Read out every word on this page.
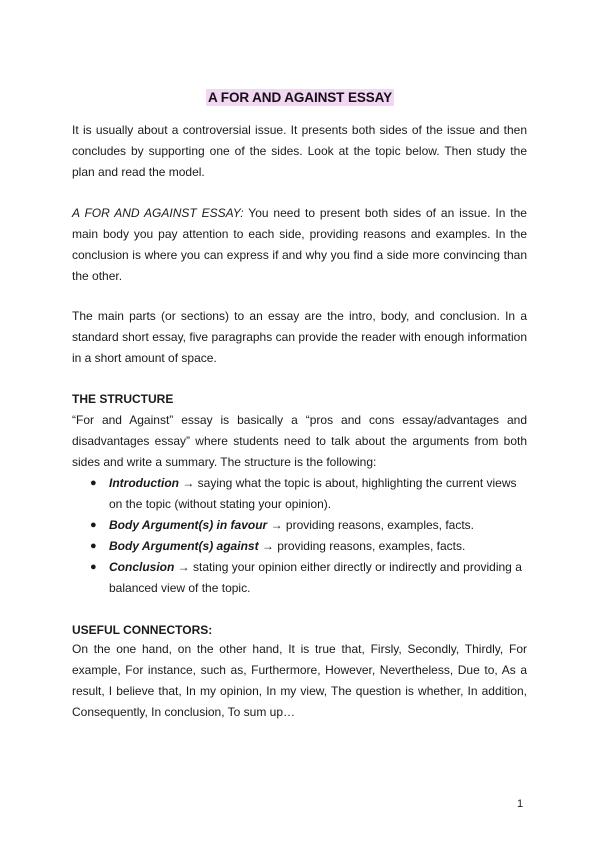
A FOR AND AGAINST ESSAY

It is usually about a controversial issue. It presents both sides of the issue and then concludes by supporting one of the sides. Look at the topic below. Then study the plan and read the model.

A FOR AND AGAINST ESSAY: You need to present both sides of an issue. In the main body you pay attention to each side, providing reasons and examples. In the conclusion is where you can express if and why you find a side more convincing than the other.

The main parts (or sections) to an essay are the intro, body, and conclusion. In a standard short essay, five paragraphs can provide the reader with enough information in a short amount of space.

THE STRUCTURE

“For and Against” essay is basically a “pros and cons essay/advantages and disadvantages essay” where students need to talk about the arguments from both sides and write a summary. The structure is the following:

● Introduction → saying what the topic is about, highlighting the current views on the topic (without stating your opinion).
● Body Argument(s) in favour → providing reasons, examples, facts.
● Body Argument(s) against → providing reasons, examples, facts.
● Conclusion → stating your opinion either directly or indirectly and providing a balanced view of the topic.

USEFUL CONNECTORS:

On the one hand, on the other hand, It is true that, Firsly, Secondly, Thirdly, For example, For instance, such as, Furthermore, However, Nevertheless, Due to, As a result, I believe that, In my opinion, In my view, The question is whether, In addition, Consequently, In conclusion, To sum up…

1
